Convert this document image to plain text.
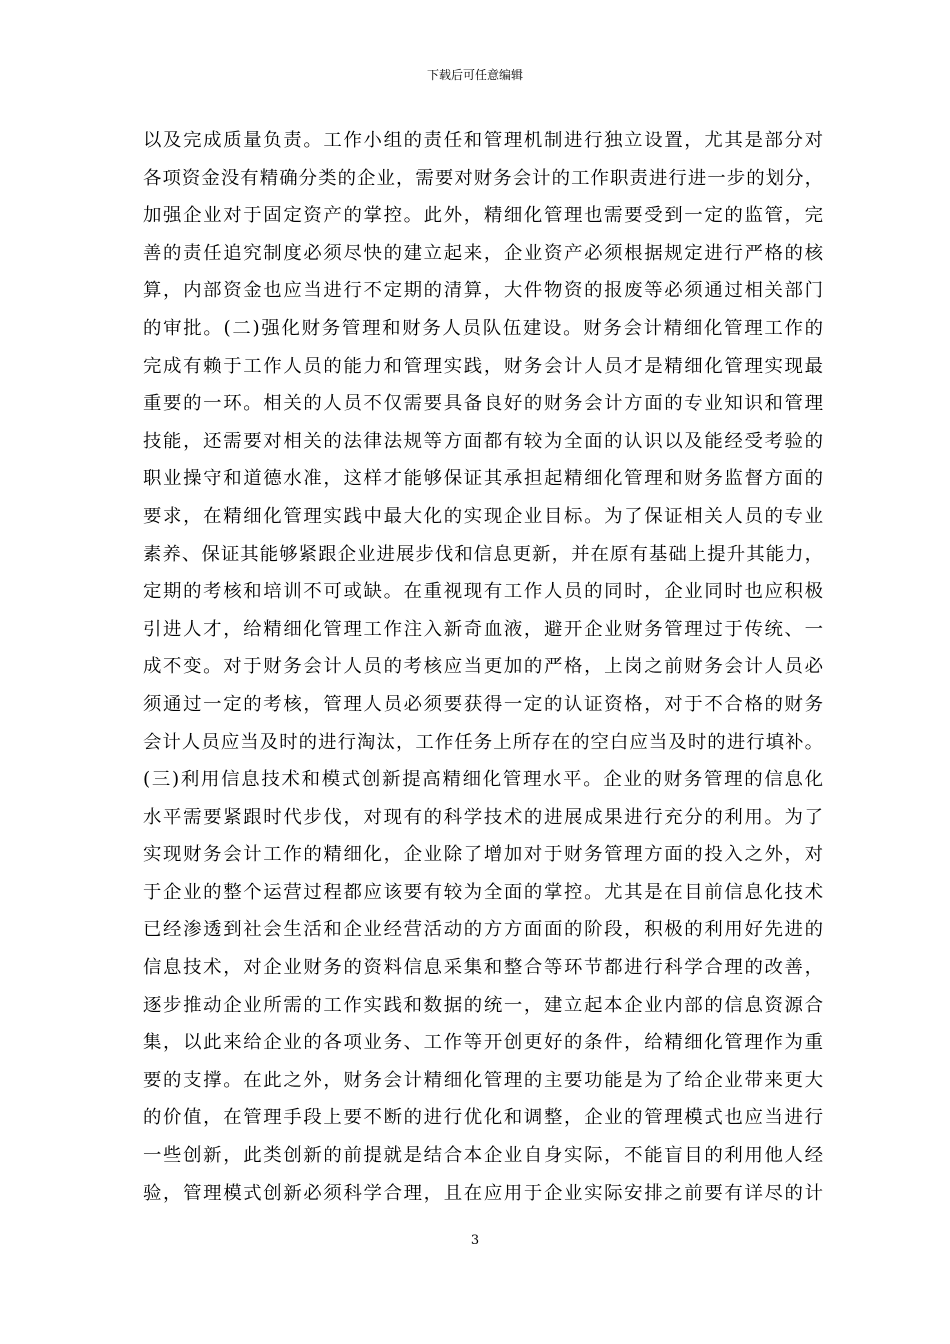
下载后可任意编辑
以及完成质量负责。工作小组的责任和管理机制进行独立设置，尤其是部分对
各项资金没有精确分类的企业，需要对财务会计的工作职责进行进一步的划分，
加强企业对于固定资产的掌控。此外，精细化管理也需要受到一定的监管，完
善的责任追究制度必须尽快的建立起来，企业资产必须根据规定进行严格的核
算，内部资金也应当进行不定期的清算，大件物资的报废等必须通过相关部门
的审批。(二)强化财务管理和财务人员队伍建设。财务会计精细化管理工作的
完成有赖于工作人员的能力和管理实践，财务会计人员才是精细化管理实现最
重要的一环。相关的人员不仅需要具备良好的财务会计方面的专业知识和管理
技能，还需要对相关的法律法规等方面都有较为全面的认识以及能经受考验的
职业操守和道德水准，这样才能够保证其承担起精细化管理和财务监督方面的
要求，在精细化管理实践中最大化的实现企业目标。为了保证相关人员的专业
素养、保证其能够紧跟企业进展步伐和信息更新，并在原有基础上提升其能力，
定期的考核和培训不可或缺。在重视现有工作人员的同时，企业同时也应积极
引进人才，给精细化管理工作注入新奇血液，避开企业财务管理过于传统、一
成不变。对于财务会计人员的考核应当更加的严格，上岗之前财务会计人员必
须通过一定的考核，管理人员必须要获得一定的认证资格，对于不合格的财务
会计人员应当及时的进行淘汰，工作任务上所存在的空白应当及时的进行填补。
(三)利用信息技术和模式创新提高精细化管理水平。企业的财务管理的信息化
水平需要紧跟时代步伐，对现有的科学技术的进展成果进行充分的利用。为了
实现财务会计工作的精细化，企业除了增加对于财务管理方面的投入之外，对
于企业的整个运营过程都应该要有较为全面的掌控。尤其是在目前信息化技术
已经渗透到社会生活和企业经营活动的方方面面的阶段，积极的利用好先进的
信息技术，对企业财务的资料信息采集和整合等环节都进行科学合理的改善，
逐步推动企业所需的工作实践和数据的统一，建立起本企业内部的信息资源合
集，以此来给企业的各项业务、工作等开创更好的条件，给精细化管理作为重
要的支撑。在此之外，财务会计精细化管理的主要功能是为了给企业带来更大
的价值，在管理手段上要不断的进行优化和调整，企业的管理模式也应当进行
一些创新，此类创新的前提就是结合本企业自身实际，不能盲目的利用他人经
验，管理模式创新必须科学合理，且在应用于企业实际安排之前要有详尽的计
3
